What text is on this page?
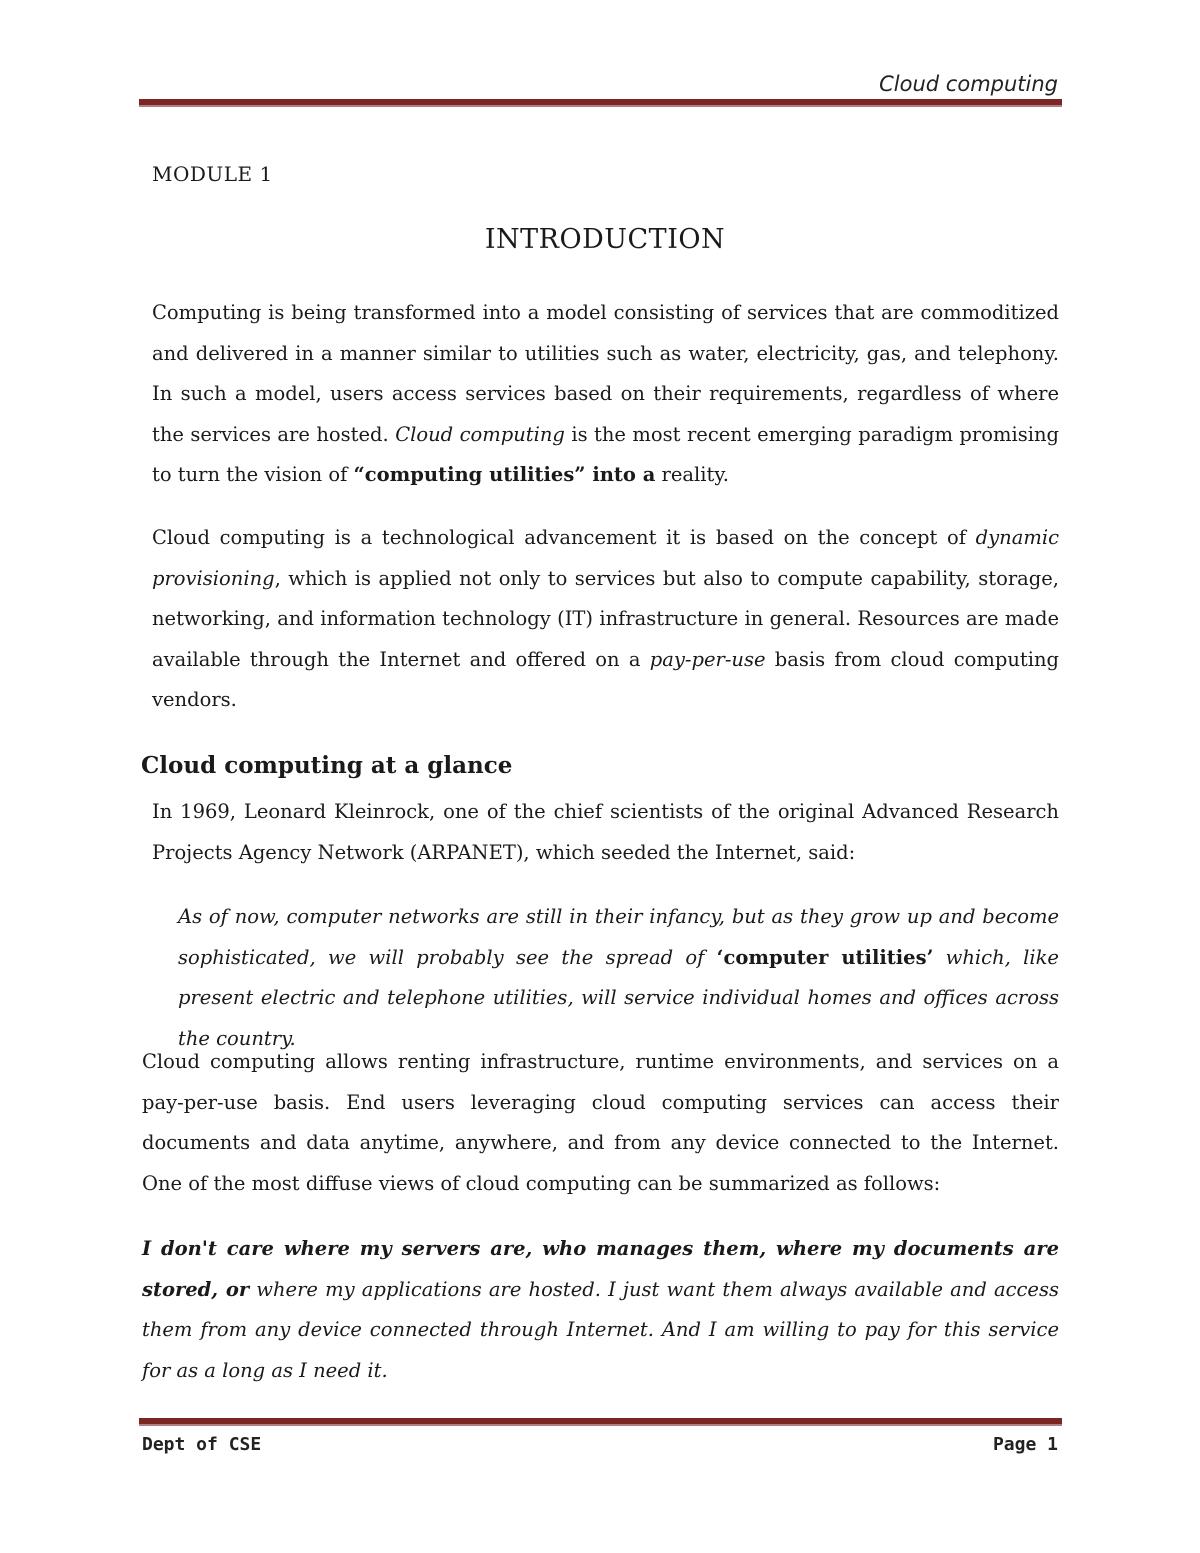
Cloud computing
MODULE 1
INTRODUCTION

Computing is being transformed into a model consisting of services that are commoditized and delivered in a manner similar to utilities such as water, electricity, gas, and telephony. In such a model, users access services based on their requirements, regardless of where the services are hosted. Cloud computing is the most recent emerging paradigm promising to turn the vision of “computing utilities” into a reality.

Cloud computing is a technological advancement it is based on the concept of dynamic provisioning, which is applied not only to services but also to compute capability, storage, networking, and information technology (IT) infrastructure in general. Resources are made available through the Internet and offered on a pay-per-use basis from cloud computing vendors.

Cloud computing at a glance

In 1969, Leonard Kleinrock, one of the chief scientists of the original Advanced Research Projects Agency Network (ARPANET), which seeded the Internet, said:

As of now, computer networks are still in their infancy, but as they grow up and become sophisticated, we will probably see the spread of ‘computer utilities’ which, like present electric and telephone utilities, will service individual homes and offices across the country.

Cloud computing allows renting infrastructure, runtime environments, and services on a pay-per-use basis. End users leveraging cloud computing services can access their documents and data anytime, anywhere, and from any device connected to the Internet. One of the most diffuse views of cloud computing can be summarized as follows:

I don't care where my servers are, who manages them, where my documents are stored, or where my applications are hosted. I just want them always available and access them from any device connected through Internet. And I am willing to pay for this service for as a long as I need it.

Dept of CSE	Page 1
